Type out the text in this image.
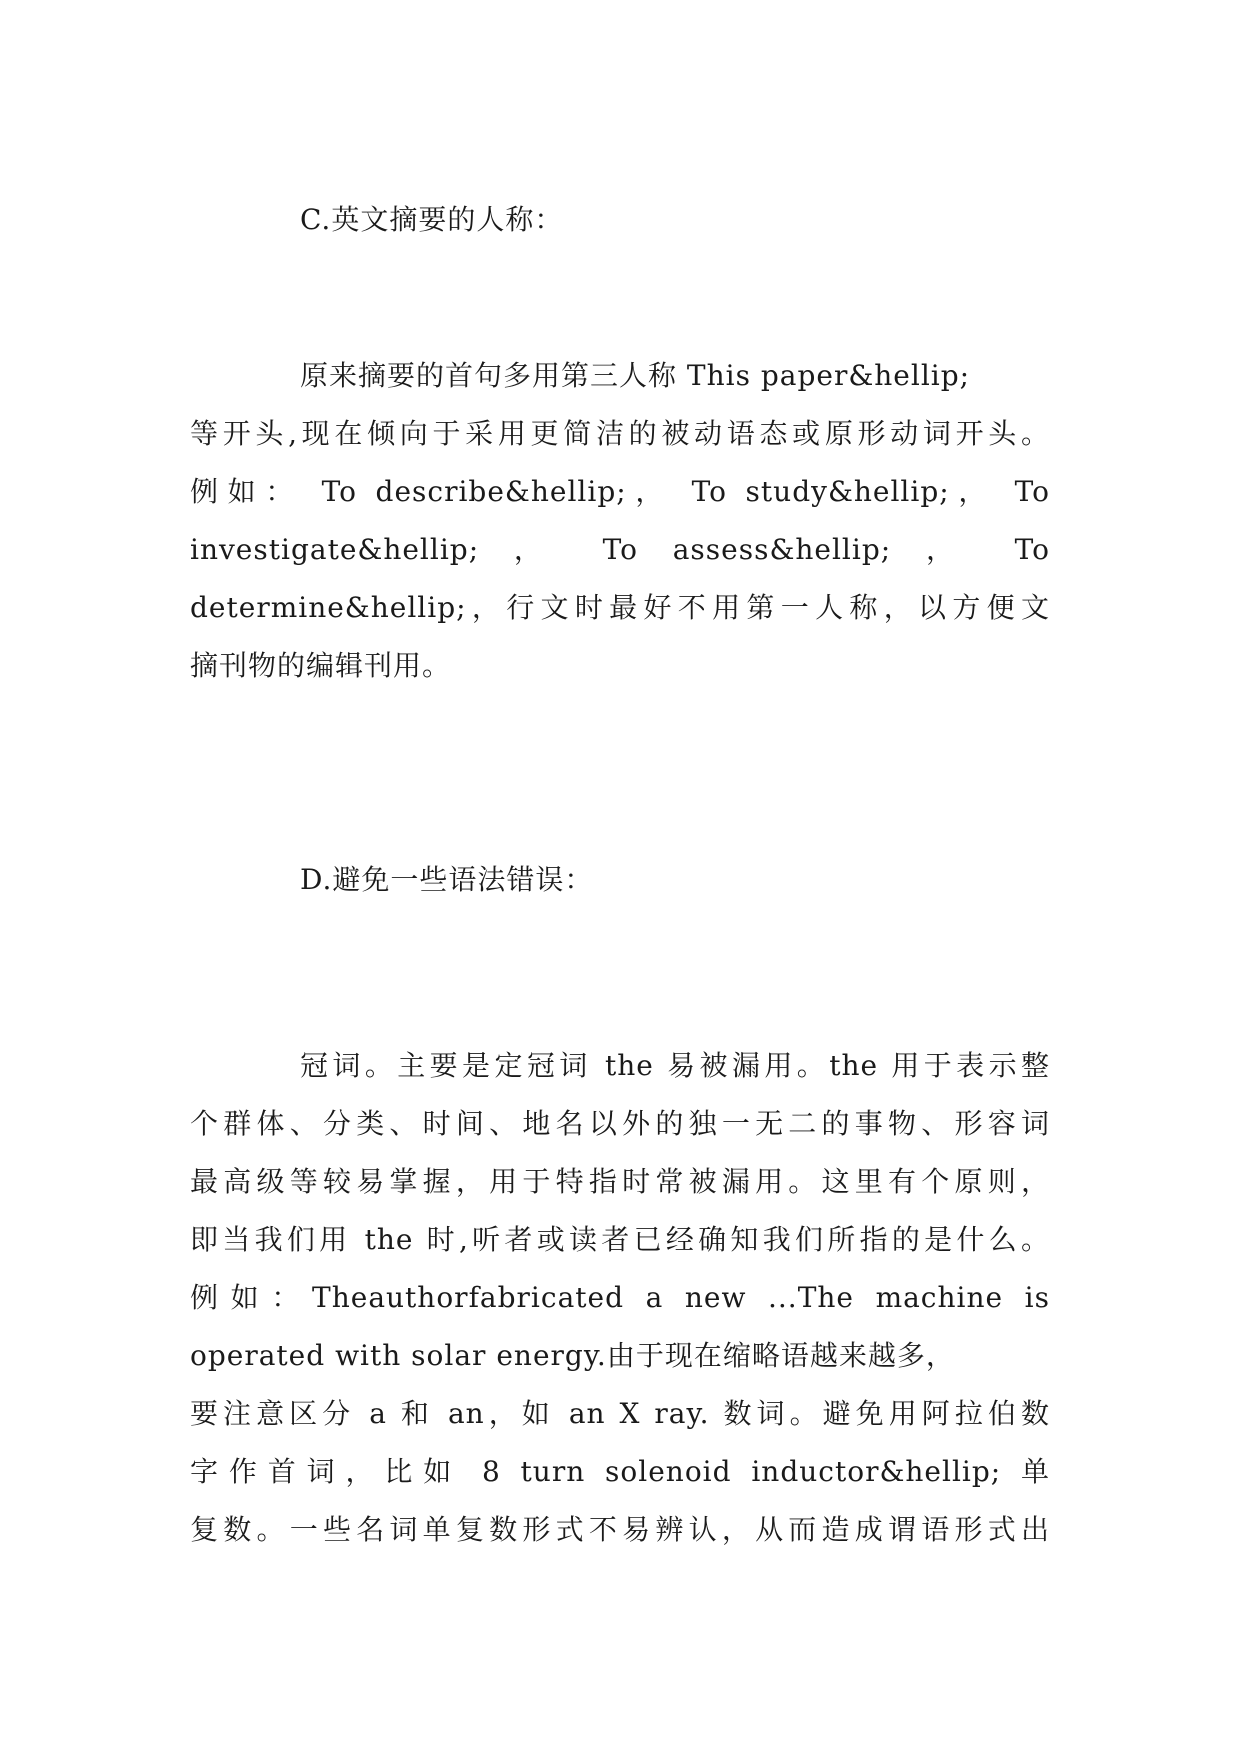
C.英文摘要的人称：
原来摘要的首句多用第三人称 This paper&hellip;
等开头,现在倾向于采用更简洁的被动语态或原形动词开头。
例如： To describe&hellip;， To study&hellip;， To
investigate&hellip; ， To assess&hellip; ， To
determine&hellip;，行文时最好不用第一人称，以方便文
摘刊物的编辑刊用。
D.避免一些语法错误：
冠词。主要是定冠词 the 易被漏用。the 用于表示整
个群体、分类、时间、地名以外的独一无二的事物、形容词
最高级等较易掌握，用于特指时常被漏用。这里有个原则，
即当我们用 the 时,听者或读者已经确知我们所指的是什么。
例如：Theauthorfabricated a new ...The machine is
operated with solar energy.由于现在缩略语越来越多，
要注意区分 a 和 an，如 an X ray. 数词。避免用阿拉伯数
字作首词，比如 8 turn solenoid inductor&hellip; 单
复数。一些名词单复数形式不易辨认，从而造成谓语形式出
